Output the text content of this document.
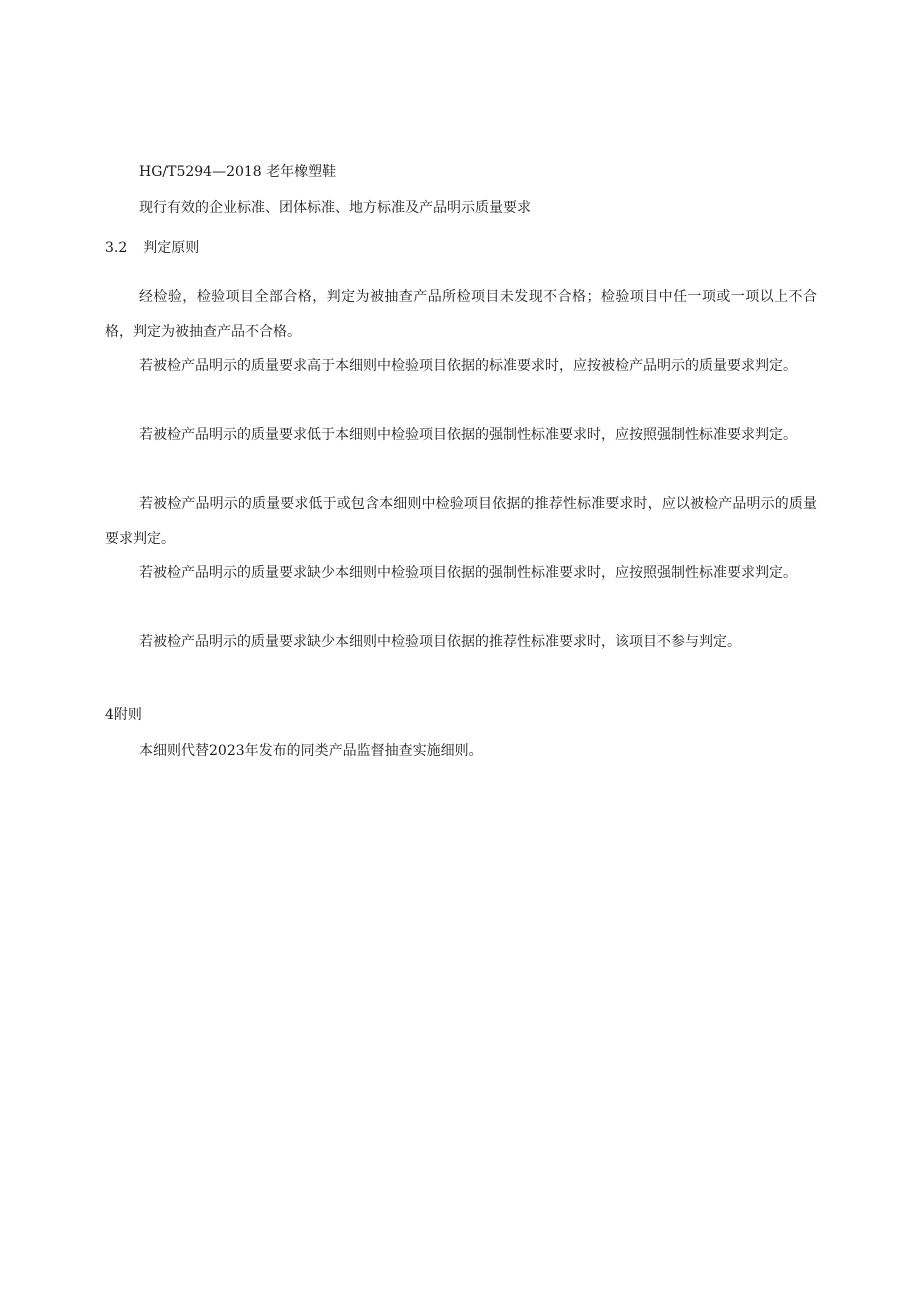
HG/T5294—2018 老年橡塑鞋
现行有效的企业标准、团体标准、地方标准及产品明示质量要求
3.2 判定原则
经检验，检验项目全部合格，判定为被抽查产品所检项目未发现不合格；检验项目中任一项或一项以上不合格，判定为被抽查产品不合格。
若被检产品明示的质量要求高于本细则中检验项目依据的标准要求时，应按被检产品明示的质量要求判定。
若被检产品明示的质量要求低于本细则中检验项目依据的强制性标准要求时，应按照强制性标准要求判定。
若被检产品明示的质量要求低于或包含本细则中检验项目依据的推荐性标准要求时，应以被检产品明示的质量要求判定。
若被检产品明示的质量要求缺少本细则中检验项目依据的强制性标准要求时，应按照强制性标准要求判定。
若被检产品明示的质量要求缺少本细则中检验项目依据的推荐性标准要求时，该项目不参与判定。
4附则
本细则代替2023年发布的同类产品监督抽查实施细则。
